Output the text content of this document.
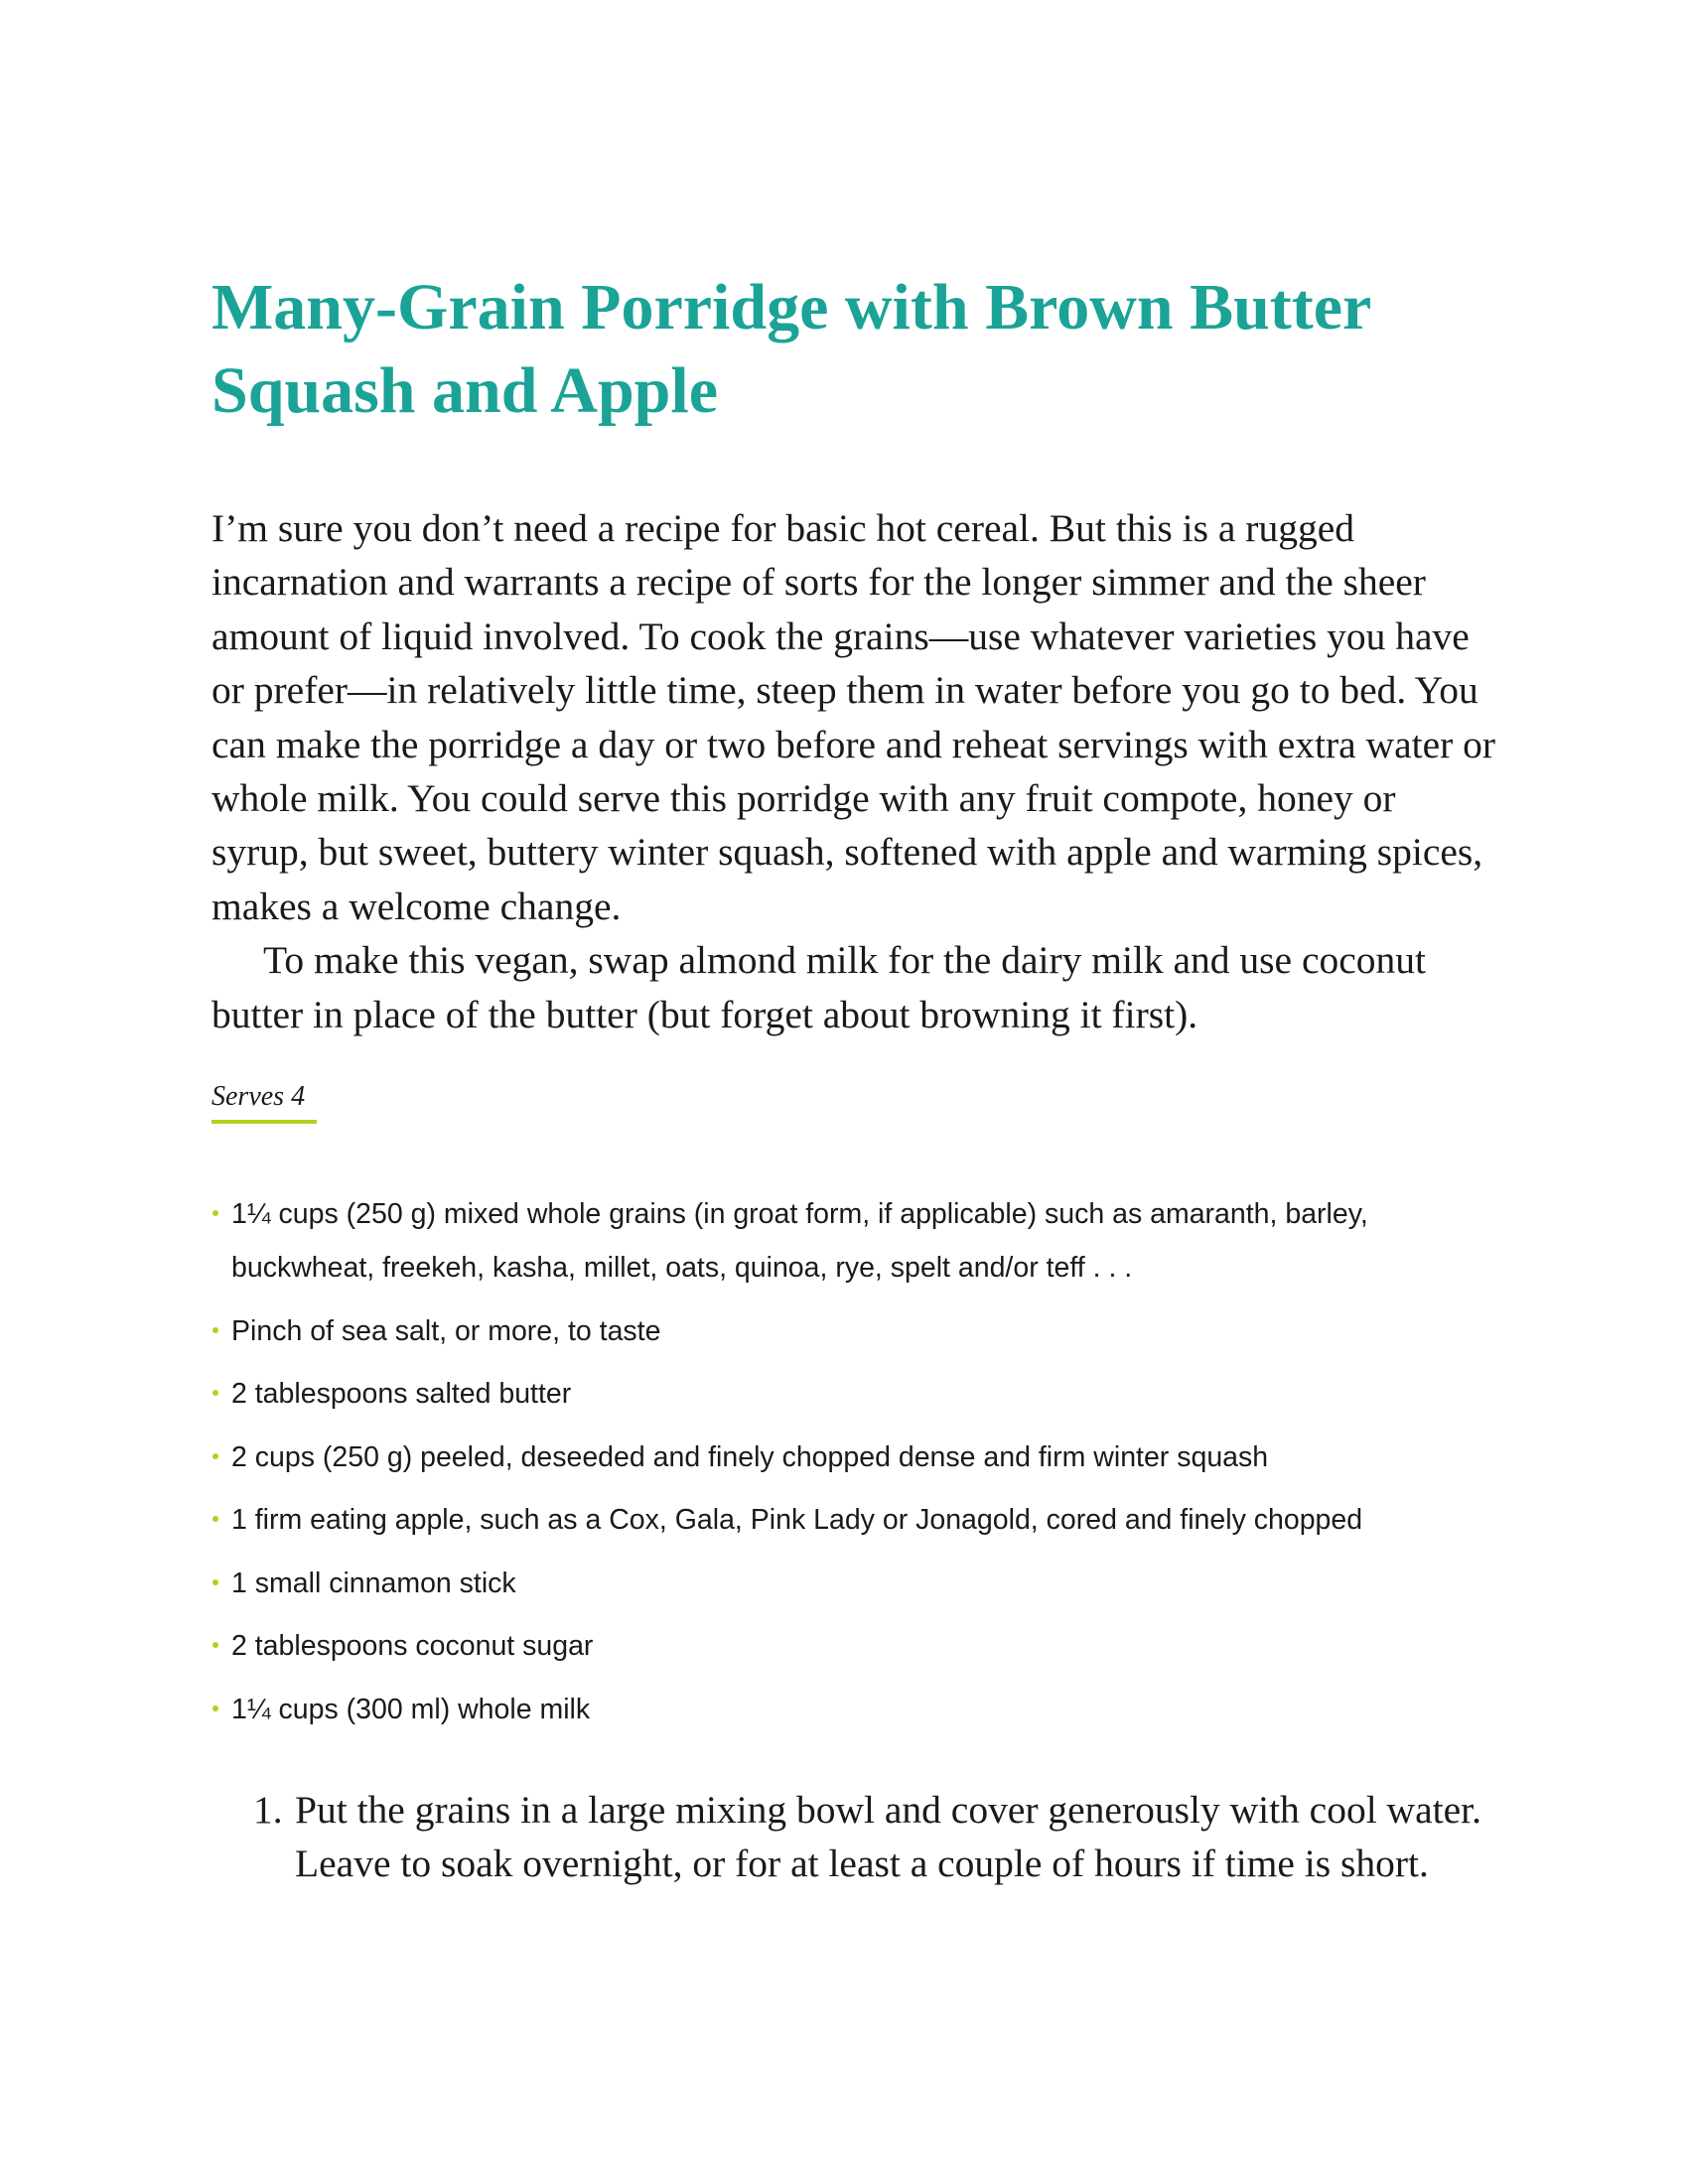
Many-Grain Porridge with Brown Butter Squash and Apple

I’m sure you don’t need a recipe for basic hot cereal. But this is a rugged incarnation and warrants a recipe of sorts for the longer simmer and the sheer amount of liquid involved. To cook the grains—use whatever varieties you have or prefer—in relatively little time, steep them in water before you go to bed. You can make the porridge a day or two before and reheat servings with extra water or whole milk. You could serve this porridge with any fruit compote, honey or syrup, but sweet, buttery winter squash, softened with apple and warming spices, makes a welcome change.

To make this vegan, swap almond milk for the dairy milk and use coconut butter in place of the butter (but forget about browning it first).

Serves 4
1¼ cups (250 g) mixed whole grains (in groat form, if applicable) such as amaranth, barley, buckwheat, freekeh, kasha, millet, oats, quinoa, rye, spelt and/or teff . . .
Pinch of sea salt, or more, to taste
2 tablespoons salted butter
2 cups (250 g) peeled, deseeded and finely chopped dense and firm winter squash
1 firm eating apple, such as a Cox, Gala, Pink Lady or Jonagold, cored and finely chopped
1 small cinnamon stick
2 tablespoons coconut sugar
1¼ cups (300 ml) whole milk
1. Put the grains in a large mixing bowl and cover generously with cool water. Leave to soak overnight, or for at least a couple of hours if time is short.
